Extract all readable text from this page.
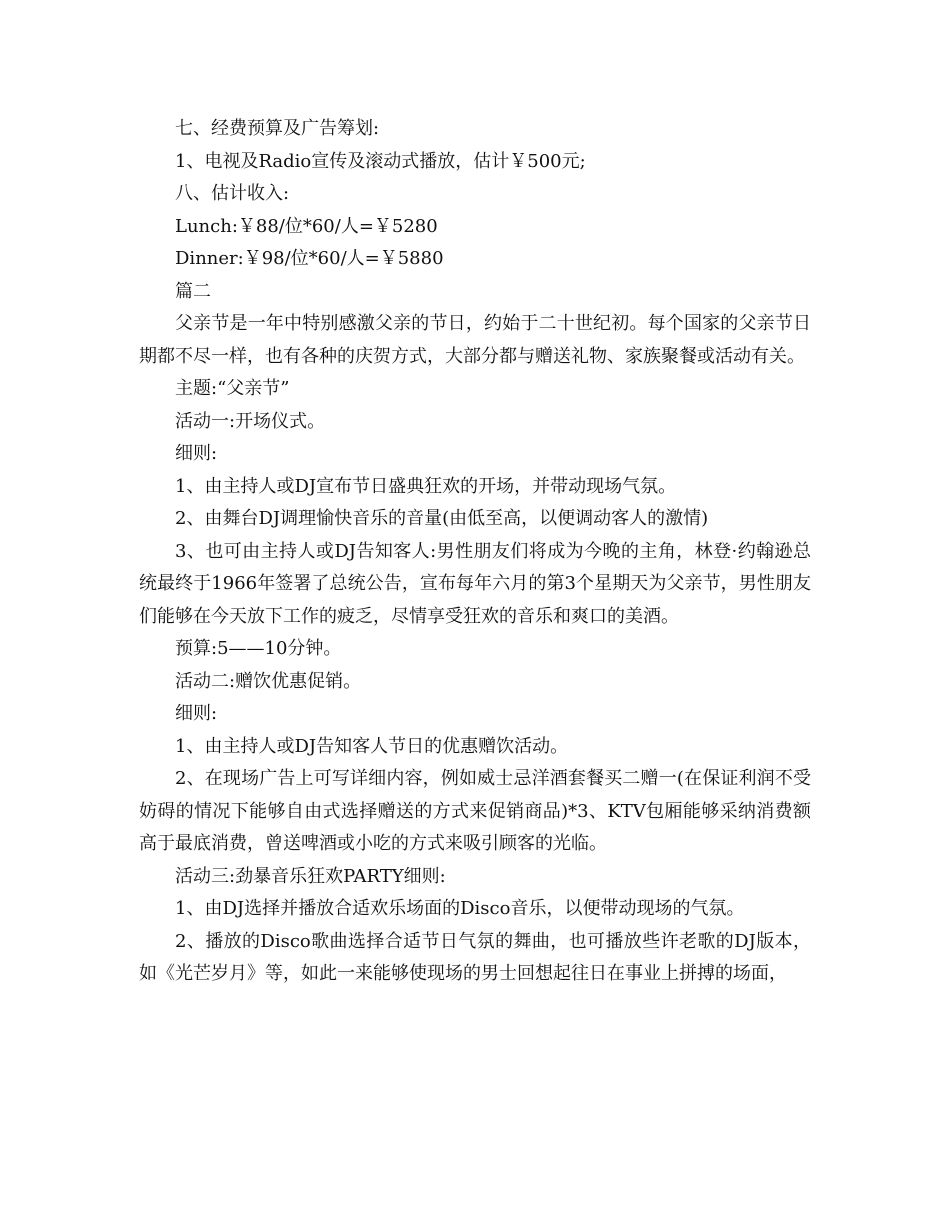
七、经费预算及广告筹划:

1、电视及Radio宣传及滚动式播放，估计￥500元;

八、估计收入:

Lunch:￥88/位*60/人=￥5280

Dinner:￥98/位*60/人=￥5880

篇二

父亲节是一年中特别感激父亲的节日，约始于二十世纪初。每个国家的父亲节日期都不尽一样，也有各种的庆贺方式，大部分都与赠送礼物、家族聚餐或活动有关。

主题:“父亲节”

活动一:开场仪式。

细则:

1、由主持人或DJ宣布节日盛典狂欢的开场，并带动现场气氛。

2、由舞台DJ调理愉快音乐的音量(由低至高，以便调动客人的激情)

3、也可由主持人或DJ告知客人:男性朋友们将成为今晚的主角，林登·约翰逊总统最终于1966年签署了总统公告，宣布每年六月的第3个星期天为父亲节，男性朋友们能够在今天放下工作的疲乏，尽情享受狂欢的音乐和爽口的美酒。

预算:5——10分钟。

活动二:赠饮优惠促销。

细则:

1、由主持人或DJ告知客人节日的优惠赠饮活动。

2、在现场广告上可写详细内容，例如威士忌洋酒套餐买二赠一(在保证利润不受妨碍的情况下能够自由式选择赠送的方式来促销商品)*3、KTV包厢能够采纳消费额高于最底消费，曾送啤酒或小吃的方式来吸引顾客的光临。

活动三:劲暴音乐狂欢PARTY细则:

1、由DJ选择并播放合适欢乐场面的Disco音乐，以便带动现场的气氛。

2、播放的Disco歌曲选择合适节日气氛的舞曲，也可播放些许老歌的DJ版本，如《光芒岁月》等，如此一来能够使现场的男士回想起往日在事业上拼搏的场面，
